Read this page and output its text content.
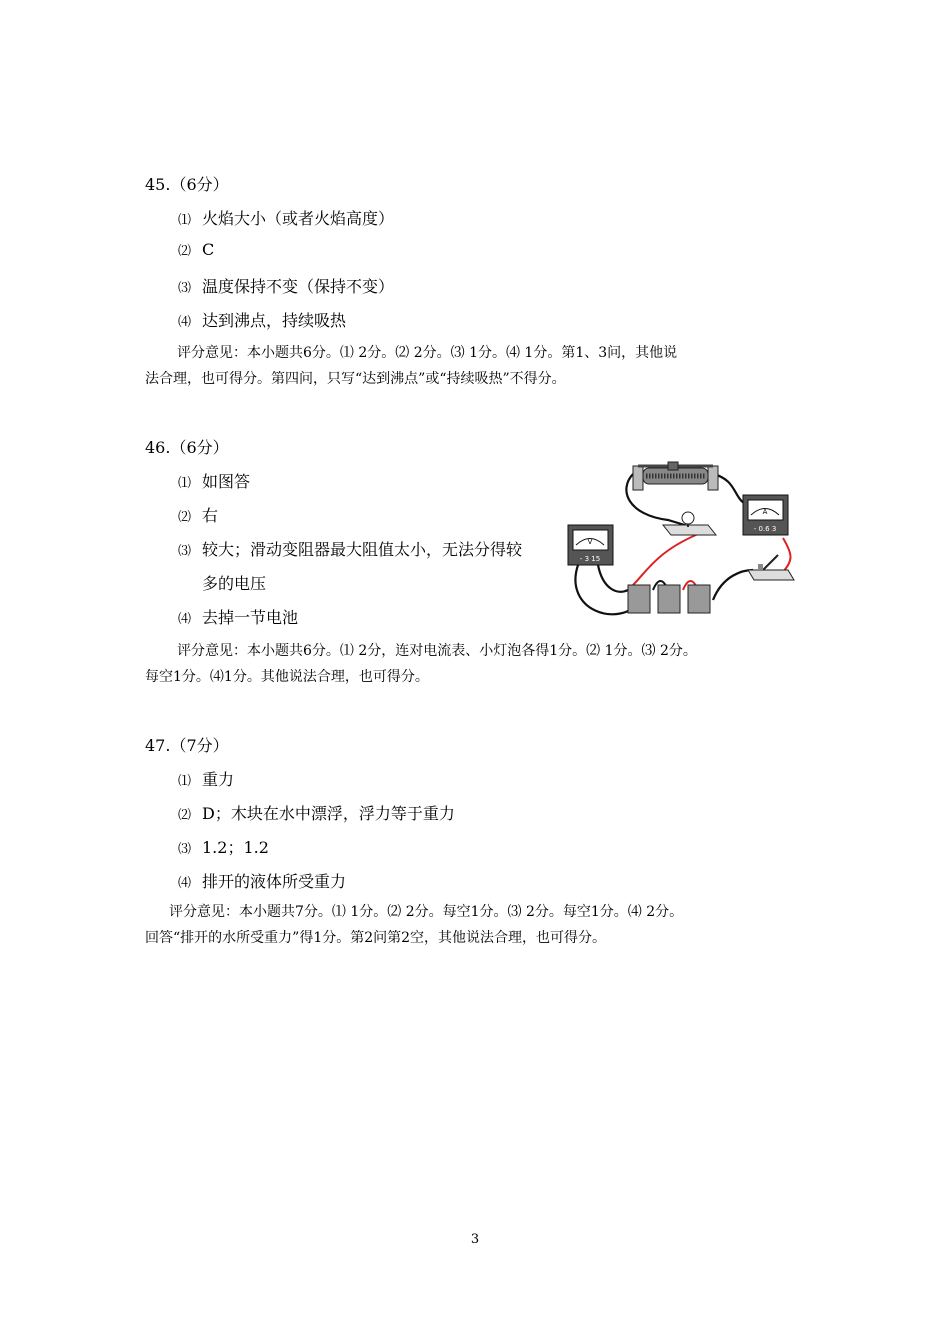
45.（6分）
⑴ 火焰大小（或者火焰高度）
⑵ C
⑶ 温度保持不变（保持不变）
⑷ 达到沸点，持续吸热
评分意见：本小题共6分。⑴ 2分。⑵ 2分。⑶ 1分。⑷ 1分。第1、3问，其他说
法合理，也可得分。第四问，只写“达到沸点”或“持续吸热”不得分。
46.（6分）
⑴ 如图答
⑵ 右
⑶ 较大；滑动变阻器最大阻值太小，无法分得较
多的电压
⑷ 去掉一节电池
V
- 3 15
A
- 0.6 3
评分意见：本小题共6分。⑴ 2分，连对电流表、小灯泡各得1分。⑵ 1分。⑶ 2分。
每空1分。⑷1分。其他说法合理，也可得分。
47.（7分）
⑴ 重力
⑵ D；木块在水中漂浮，浮力等于重力
⑶ 1.2；1.2
⑷ 排开的液体所受重力
评分意见：本小题共7分。⑴ 1分。⑵ 2分。每空1分。⑶ 2分。每空1分。⑷ 2分。
回答“排开的水所受重力”得1分。第2问第2空，其他说法合理，也可得分。
3
